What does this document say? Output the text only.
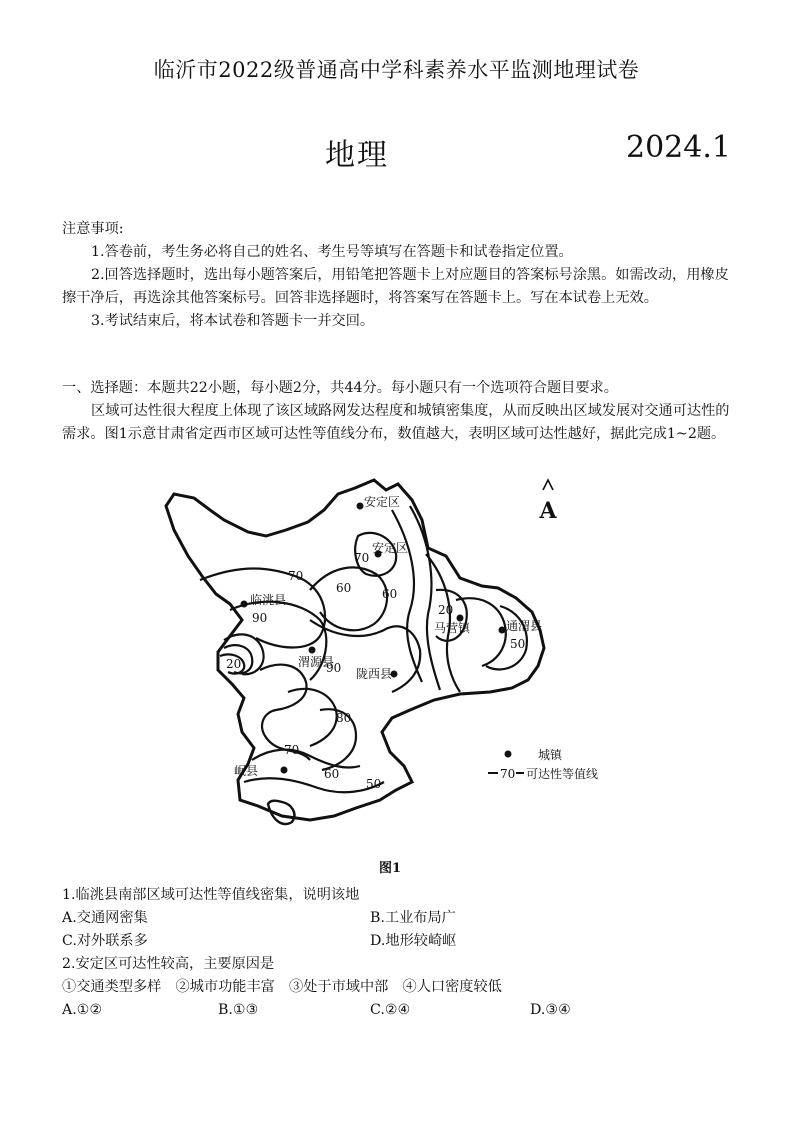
临沂市2022级普通高中学科素养水平监测地理试卷
地理	2024.1

注意事项:

1.答卷前，考生务必将自己的姓名、考生号等填写在答题卡和试卷指定位置。

2.回答选择题时，选出每小题答案后，用铅笔把答题卡上对应题目的答案标号涂黑。如需改动，用橡皮擦干净后，再选涂其他答案标号。回答非选择题时，将答案写在答题卡上。写在本试卷上无效。

3.考试结束后，将本试卷和答题卡一并交回。

一、选择题：本题共22小题，每小题2分，共44分。每小题只有一个选项符合题目要求。

区域可达性很大程度上体现了该区域路网发达程度和城镇密集度，从而反映出区域发展对交通可达性的需求。图1示意甘肃省定西市区域可达性等值线分布，数值越大，表明区域可达性越好，据此完成1~2题。

安定区
安定区
临洮县
渭源县
陇西县
马营镇	通渭县
岷县
70
70
60	60
90
20
90
20
50
80
70
60
50
A
城镇
70 可达性等值线
图1
1.临洮县南部区域可达性等值线密集，说明该地
A.交通网密集	B.工业布局广
C.对外联系多	D.地形较崎岖
2.安定区可达性较高，主要原因是
①交通类型多样　②城市功能丰富　③处于市域中部　④人口密度较低
A.①②	B.①③	C.②④	D.③④
